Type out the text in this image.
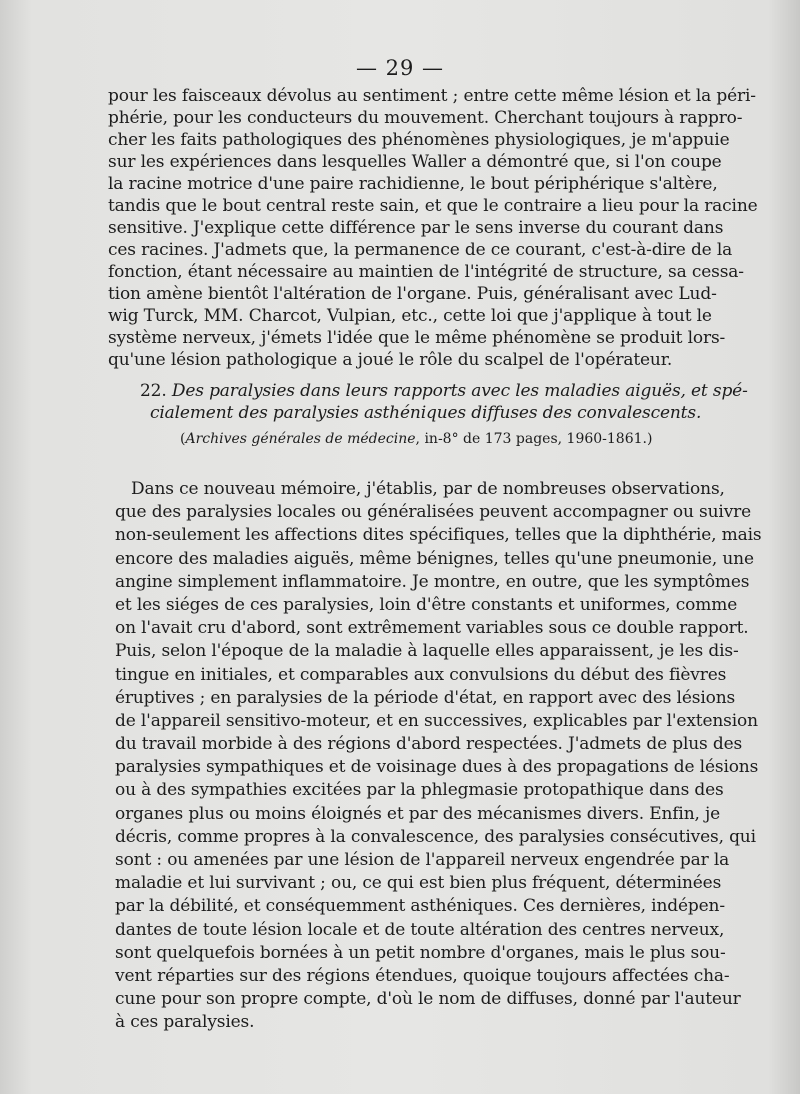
— 29 —
pour les faisceaux dévolus au sentiment ; entre cette même lésion et la péri-
phérie, pour les conducteurs du mouvement. Cherchant toujours à rappro-
cher les faits pathologiques des phénomènes physiologiques, je m'appuie
sur les expériences dans lesquelles Waller a démontré que, si l'on coupe
la racine motrice d'une paire rachidienne, le bout périphérique s'altère,
tandis que le bout central reste sain, et que le contraire a lieu pour la racine
sensitive. J'explique cette différence par le sens inverse du courant dans
ces racines. J'admets que, la permanence de ce courant, c'est-à-dire de la
fonction, étant nécessaire au maintien de l'intégrité de structure, sa cessa-
tion amène bientôt l'altération de l'organe. Puis, généralisant avec Lud-
wig Turck, MM. Charcot, Vulpian, etc., cette loi que j'applique à tout le
système nerveux, j'émets l'idée que le même phénomène se produit lors-
qu'une lésion pathologique a joué le rôle du scalpel de l'opérateur.
22. Des paralysies dans leurs rapports avec les maladies aiguës, et spé-
cialement des paralysies asthéniques diffuses des convalescents.
(Archives générales de médecine, in-8° de 173 pages, 1960-1861.)
Dans ce nouveau mémoire, j'établis, par de nombreuses observations,
que des paralysies locales ou généralisées peuvent accompagner ou suivre
non-seulement les affections dites spécifiques, telles que la diphthérie, mais
encore des maladies aiguës, même bénignes, telles qu'une pneumonie, une
angine simplement inflammatoire. Je montre, en outre, que les symptômes
et les siéges de ces paralysies, loin d'être constants et uniformes, comme
on l'avait cru d'abord, sont extrêmement variables sous ce double rapport.
Puis, selon l'époque de la maladie à laquelle elles apparaissent, je les dis-
tingue en initiales, et comparables aux convulsions du début des fièvres
éruptives ; en paralysies de la période d'état, en rapport avec des lésions
de l'appareil sensitivo-moteur, et en successives, explicables par l'extension
du travail morbide à des régions d'abord respectées. J'admets de plus des
paralysies sympathiques et de voisinage dues à des propagations de lésions
ou à des sympathies excitées par la phlegmasie protopathique dans des
organes plus ou moins éloignés et par des mécanismes divers. Enfin, je
décris, comme propres à la convalescence, des paralysies consécutives, qui
sont : ou amenées par une lésion de l'appareil nerveux engendrée par la
maladie et lui survivant ; ou, ce qui est bien plus fréquent, déterminées
par la débilité, et conséquemment asthéniques. Ces dernières, indépen-
dantes de toute lésion locale et de toute altération des centres nerveux,
sont quelquefois bornées à un petit nombre d'organes, mais le plus sou-
vent réparties sur des régions étendues, quoique toujours affectées cha-
cune pour son propre compte, d'où le nom de diffuses, donné par l'auteur
à ces paralysies.
